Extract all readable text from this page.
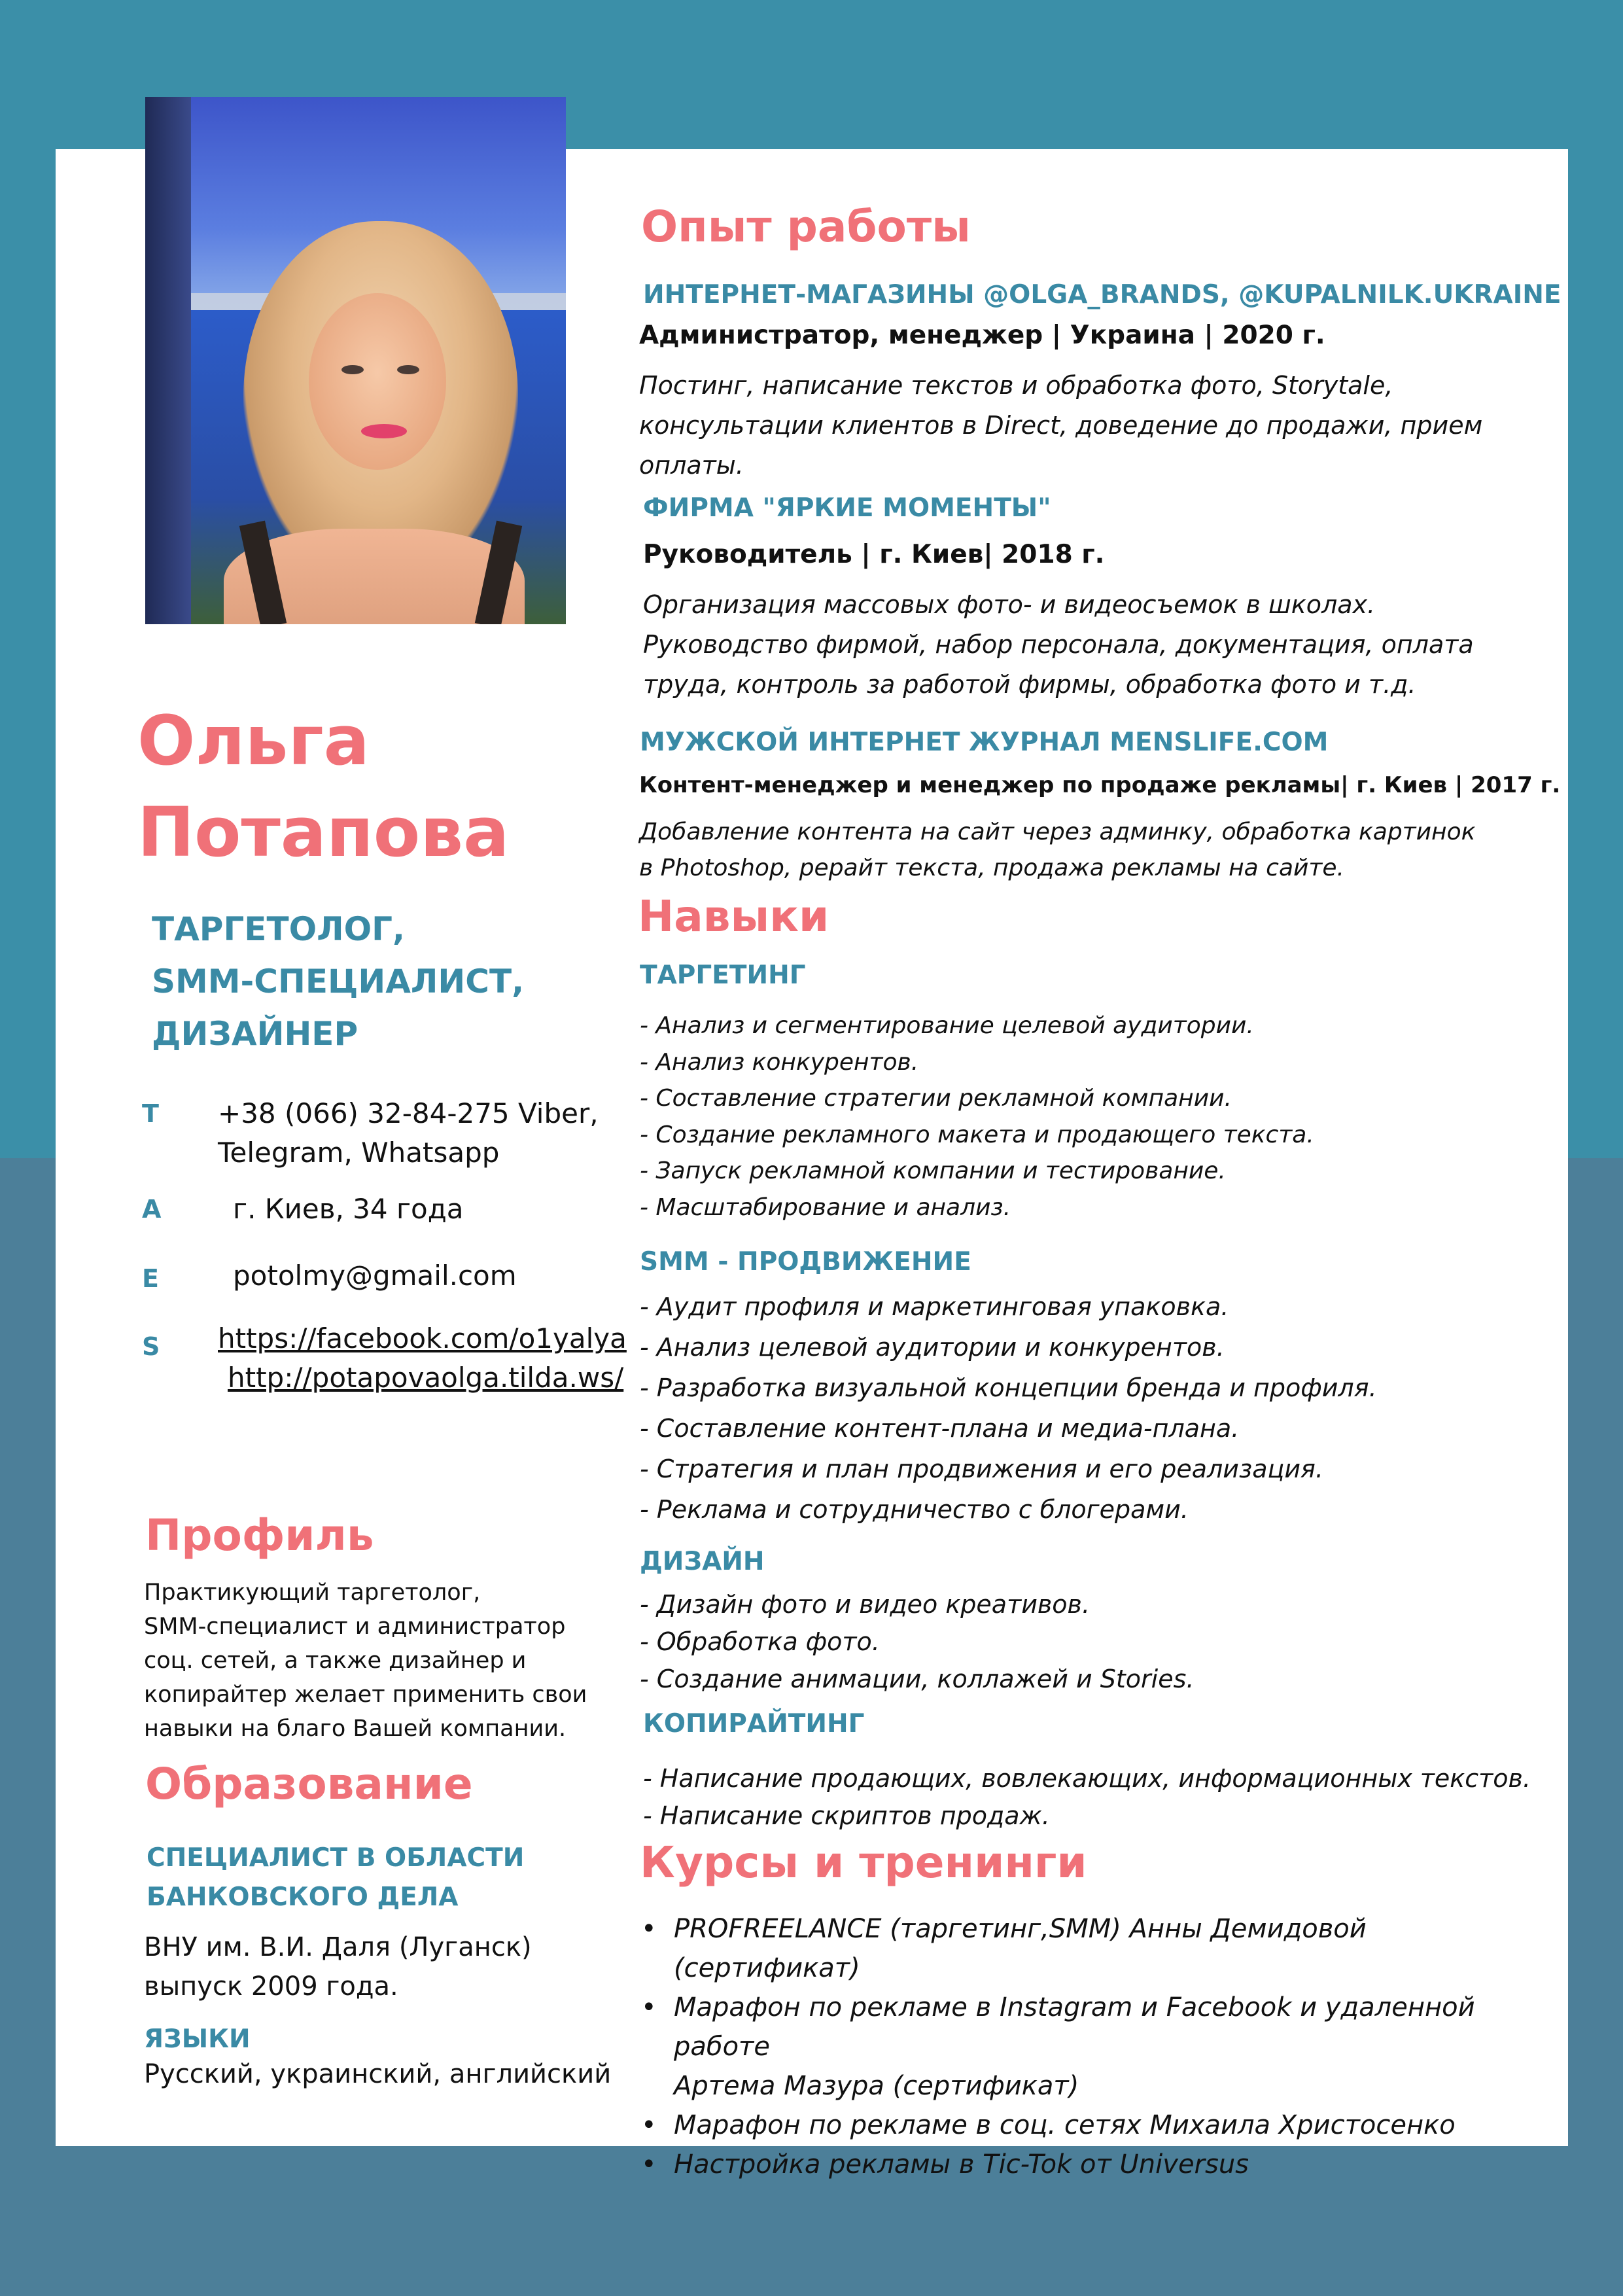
Ольга
Потапова
ТАРГЕТОЛОГ,
SMM-СПЕЦИАЛИСТ,
ДИЗАЙНЕР
T +38 (066) 32-84-275 Viber,
Telegram, Whatsapp
A	г. Киев, 34 года
E	potolmy@gmail.com
S https://facebook.com/o1yalya
http://potapovaolga.tilda.ws/
Профиль
Практикующий таргетолог,
SMM-специалист и администратор
соц. сетей, а также дизайнер и
копирайтер желает применить свои
навыки на благо Вашей компании.
Образование
СПЕЦИАЛИСТ В ОБЛАСТИ
БАНКОВСКОГО ДЕЛА
ВНУ им. В.И. Даля (Луганск)
выпуск 2009 года.
ЯЗЫКИ
Русский, украинский, английский
Опыт работы
ИНТЕРНЕТ-МАГАЗИНЫ @OLGA_BRANDS, @KUPALNILK.UKRAINE
Администратор, менеджер | Украина | 2020 г.
Постинг, написание текстов и обработка фото, Storytale,
консультации клиентов в Direct, доведение до продажи, прием
оплаты.
ФИРМА "ЯРКИЕ МОМЕНТЫ"
Руководитель | г. Киев| 2018 г.
Организация массовых фото- и видеосъемок в школах.
Руководство фирмой, набор персонала, документация, оплата
труда, контроль за работой фирмы, обработка фото и т.д.
МУЖСКОЙ ИНТЕРНЕТ ЖУРНАЛ MENSLIFE.COM
Контент-менеджер и менеджер по продаже рекламы| г. Киев | 2017 г.
Добавление контента на сайт через админку, обработка картинок
в Photoshop, рерайт текста, продажа рекламы на сайте.
Навыки
ТАРГЕТИНГ
- Анализ и сегментирование целевой аудитории.
- Анализ конкурентов.
- Составление стратегии рекламной компании.
- Создание рекламного макета и продающего текста.
- Запуск рекламной компании и тестирование.
- Масштабирование и анализ.
SMM - ПРОДВИЖЕНИЕ
- Аудит профиля и маркетинговая упаковка.
- Анализ целевой аудитории и конкурентов.
- Разработка визуальной концепции бренда и профиля.
- Составление контент-плана и медиа-плана.
- Стратегия и план продвижения и его реализация.
- Реклама и сотрудничество с блогерами.
ДИЗАЙН
- Дизайн фото и видео креативов.
- Обработка фото.
- Создание анимации, коллажей и Stories.
КОПИРАЙТИНГ
- Написание продающих, вовлекающих, информационных текстов.
- Написание скриптов продаж.
Курсы и тренинги
• PROFREELANCE (таргетинг,SMM) Анны Демидовой (сертификат)
• Марафон по рекламе в Instagram и Facebook и удаленной работе
Артема Мазура (сертификат)
• Марафон по рекламе в соц. сетях Михаила Христосенко
• Настройка рекламы в Tic-Tok от Universus
